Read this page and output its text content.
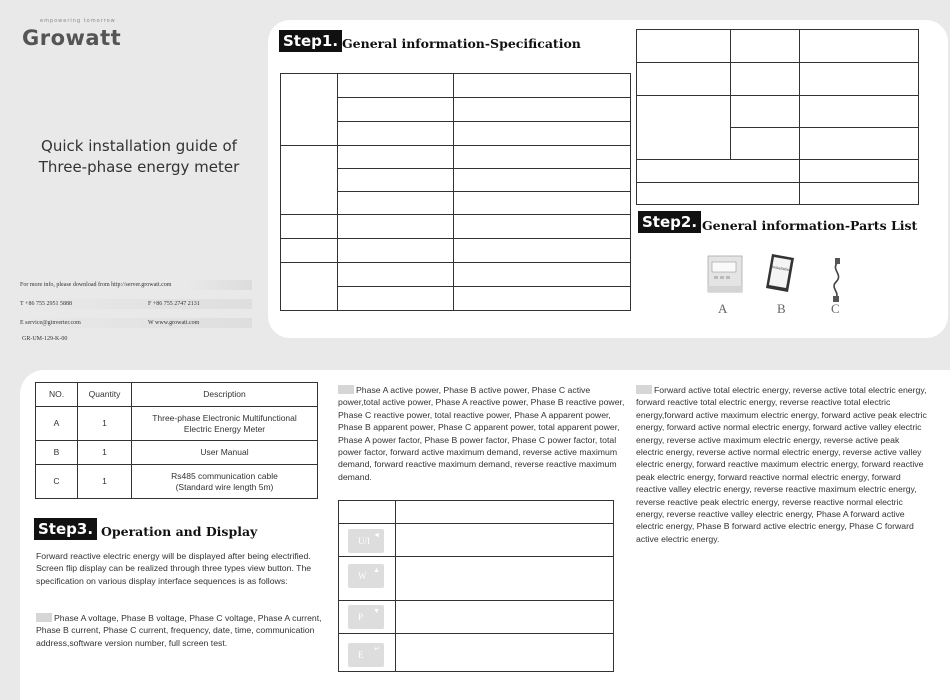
empowering tomorrow
Growatt
Quick installation guide of
Three-phase energy meter
For more info, please download from http://server.growatt.com
T +86 755 2951 5888	F +86 755 2747 2131
E service@ginverter.com	W www.growatt.com
GR-UM-129-K-00
Step1. General information-Specification

Step2. General information-Parts List
installation
A	B	C
NO.	Quantity	Description
A	1	Three-phase Electronic Multifunctional
Electric Energy Meter

B	1	User Manual

C	1	Rs485 communication cable
(Standard wire length 5m)
Step3. Operation and Display
Forward reactive electric energy will be displayed after being electrified. Screen flip display can be realized through three types view button. The specification on various display interface sequences is as follows:
Phase A voltage, Phase B voltage, Phase C voltage, Phase A current, Phase B current, Phase C current, frequency, date, time, communication address,software version number, full screen test.
Phase A active power, Phase B active power, Phase C active power,total active power, Phase A reactive power, Phase B reactive power, Phase C reactive power, total reactive power, Phase A apparent power, Phase B apparent power, Phase C apparent power, total apparent power, Phase A power factor, Phase B power factor, Phase C power factor, total power factor, forward active maximum demand, reverse active maximum demand, forward reactive maximum demand, reverse reactive maximum demand.
Forward active total electric energy, reverse active total electric energy, forward reactive total electric energy, reverse reactive total electric energy,forward active maximum electric energy, forward active peak electric energy, forward active normal electric energy, forward active valley electric energy, reverse active maximum electric energy, reverse active peak electric energy, reverse active normal electric energy, reverse active valley electric energy, forward reactive maximum electric energy, forward reactive peak electric energy, forward reactive normal electric energy, forward reactive valley electric energy, reverse reactive maximum electric energy, reverse reactive peak electric energy, reverse reactive normal electric energy, reverse reactive valley electric energy, Phase A forward active electric energy, Phase B forward active electric energy, Phase C forward active electric energy.

U/I
◄
W
▲
P
▼
E
↵
